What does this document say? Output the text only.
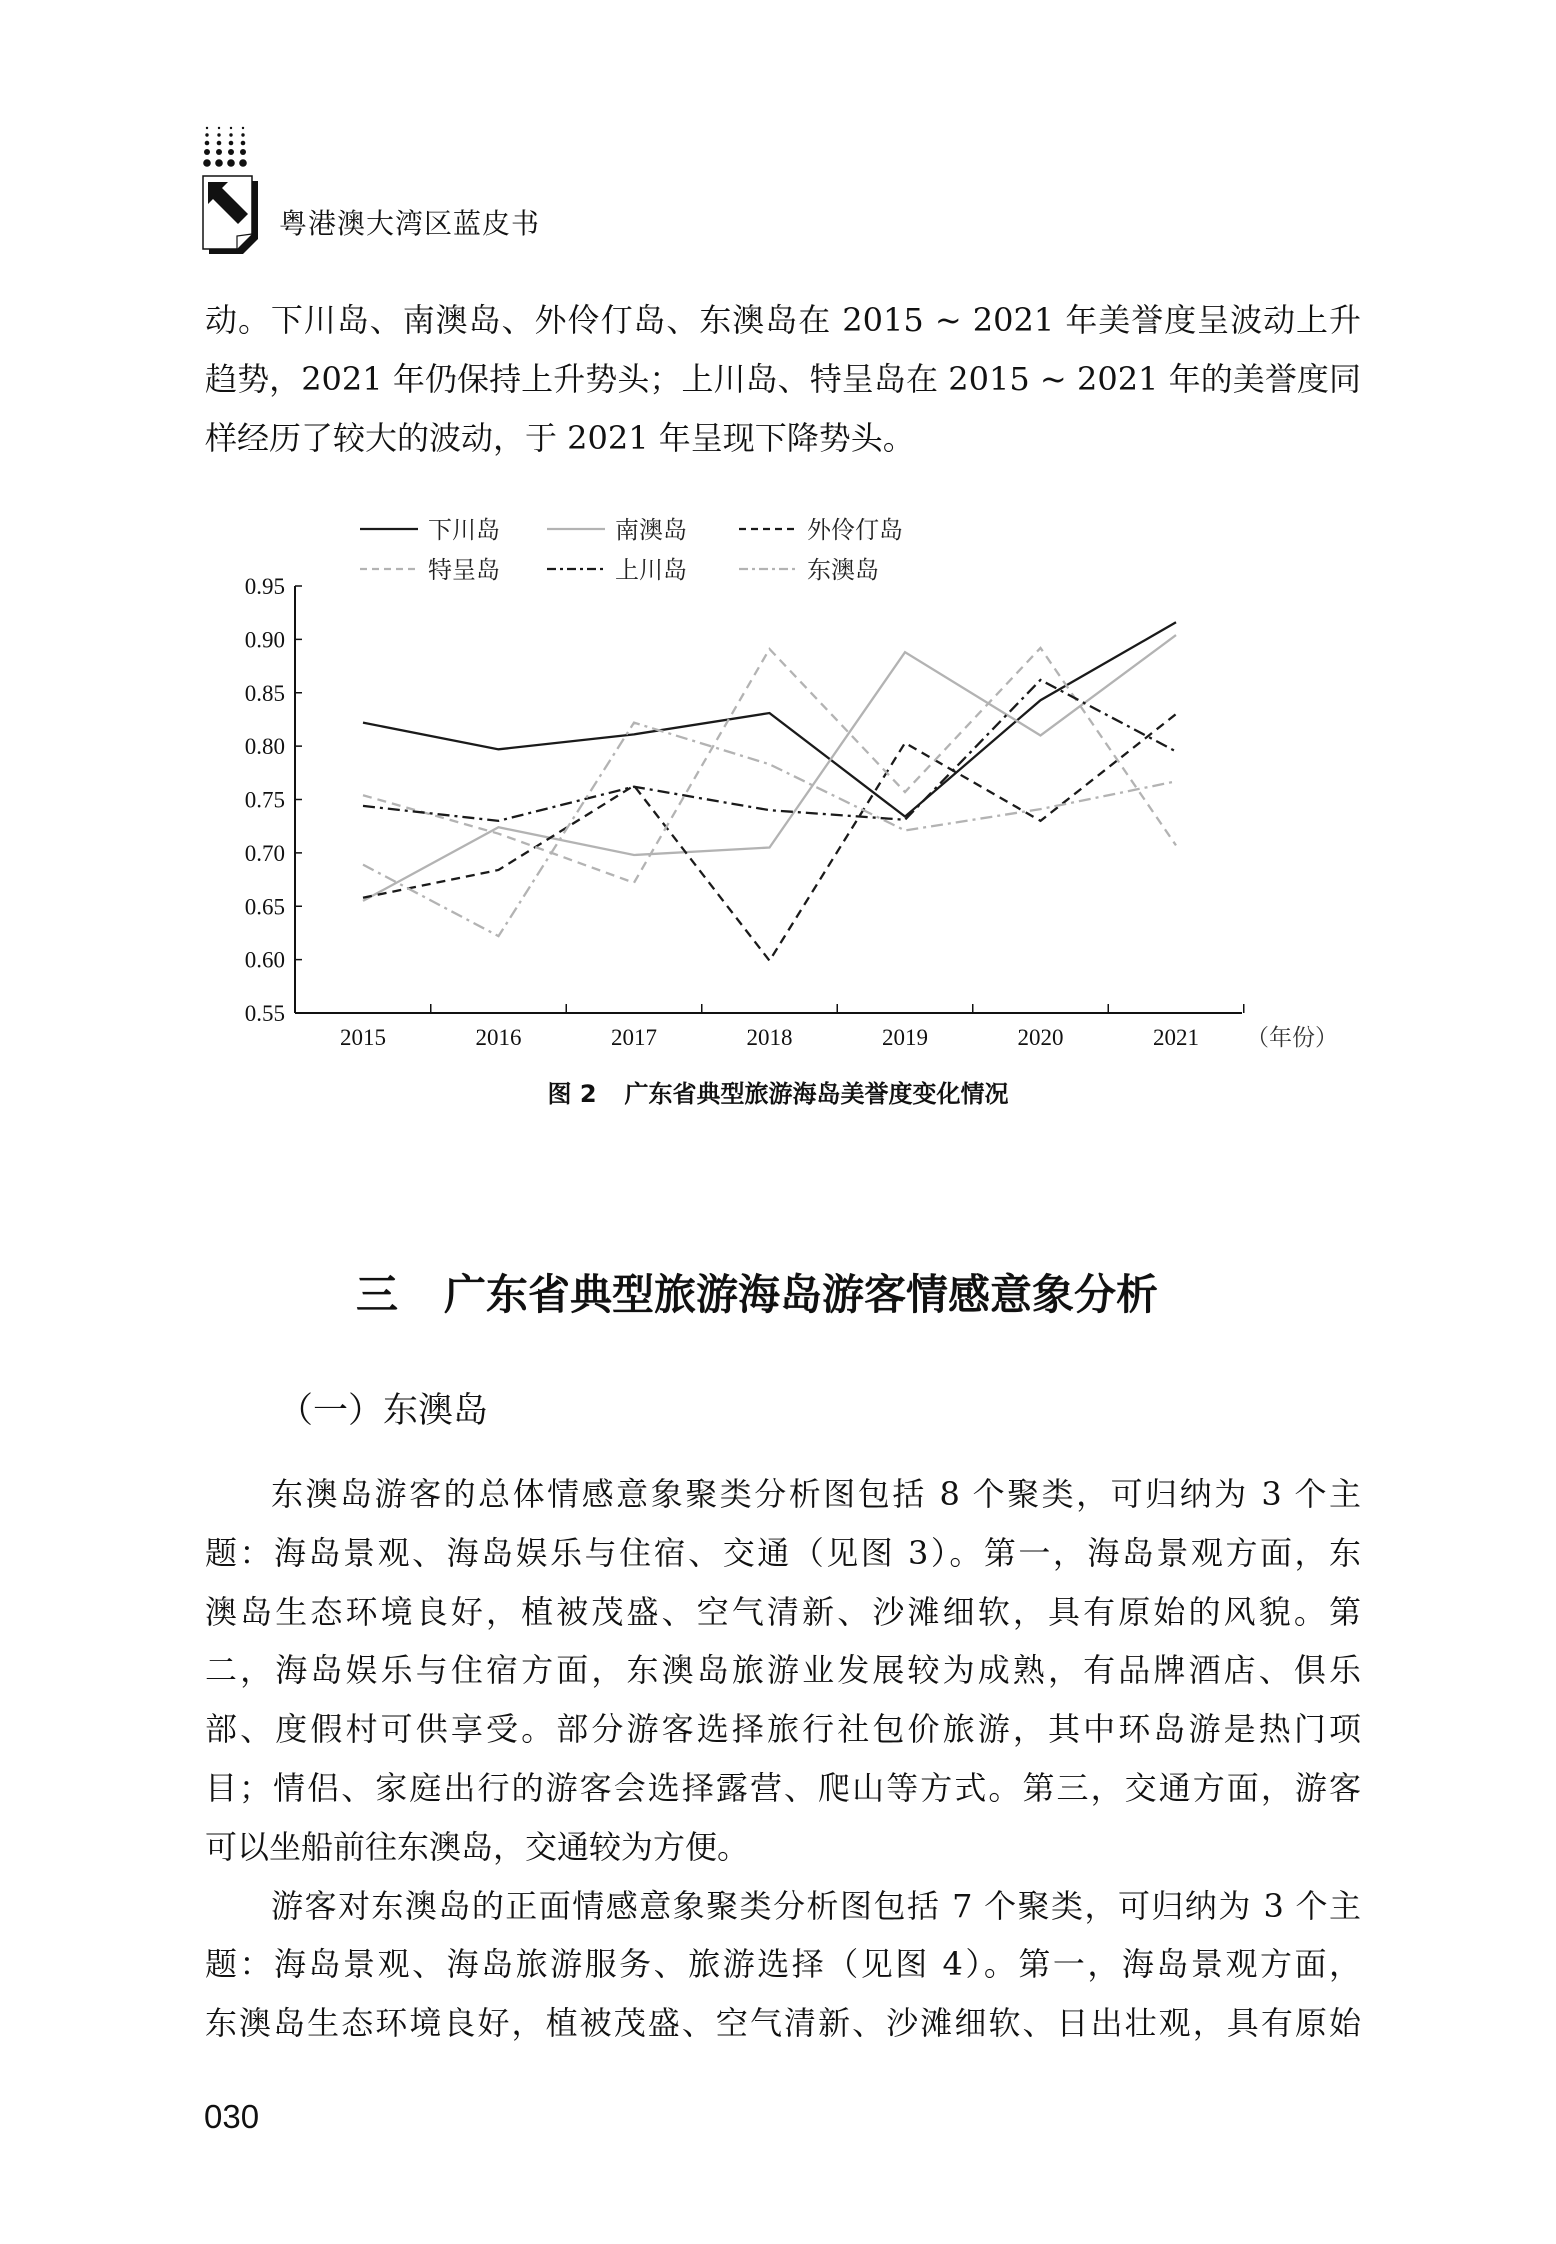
粤港澳大湾区蓝皮书
动。下川岛、南澳岛、外伶仃岛、东澳岛在 2015 ~ 2021 年美誉度呈波动上升
趋势，2021 年仍保持上升势头；上川岛、特呈岛在 2015 ~ 2021 年的美誉度同
样经历了较大的波动，于 2021 年呈现下降势头。
0.55
0.60
0.65
0.70
0.75
0.80
0.85
0.90
0.95
2015	2016	2017	2018	2019	2020	2021 （年份）
下川岛	南澳岛	外伶仃岛
特呈岛	上川岛	东澳岛
图 2 广东省典型旅游海岛美誉度变化情况
三 广东省典型旅游海岛游客情感意象分析
（一）东澳岛
东澳岛游客的总体情感意象聚类分析图包括 8 个聚类，可归纳为 3 个主
题：海岛景观、海岛娱乐与住宿、交通（见图 3）。第一，海岛景观方面，东
澳岛生态环境良好，植被茂盛、空气清新、沙滩细软，具有原始的风貌。第
二，海岛娱乐与住宿方面，东澳岛旅游业发展较为成熟，有品牌酒店、俱乐
部、度假村可供享受。部分游客选择旅行社包价旅游，其中环岛游是热门项
目；情侣、家庭出行的游客会选择露营、爬山等方式。第三，交通方面，游客
可以坐船前往东澳岛，交通较为方便。
游客对东澳岛的正面情感意象聚类分析图包括 7 个聚类，可归纳为 3 个主
题：海岛景观、海岛旅游服务、旅游选择（见图 4）。第一，海岛景观方面，
东澳岛生态环境良好，植被茂盛、空气清新、沙滩细软、日出壮观，具有原始
030
